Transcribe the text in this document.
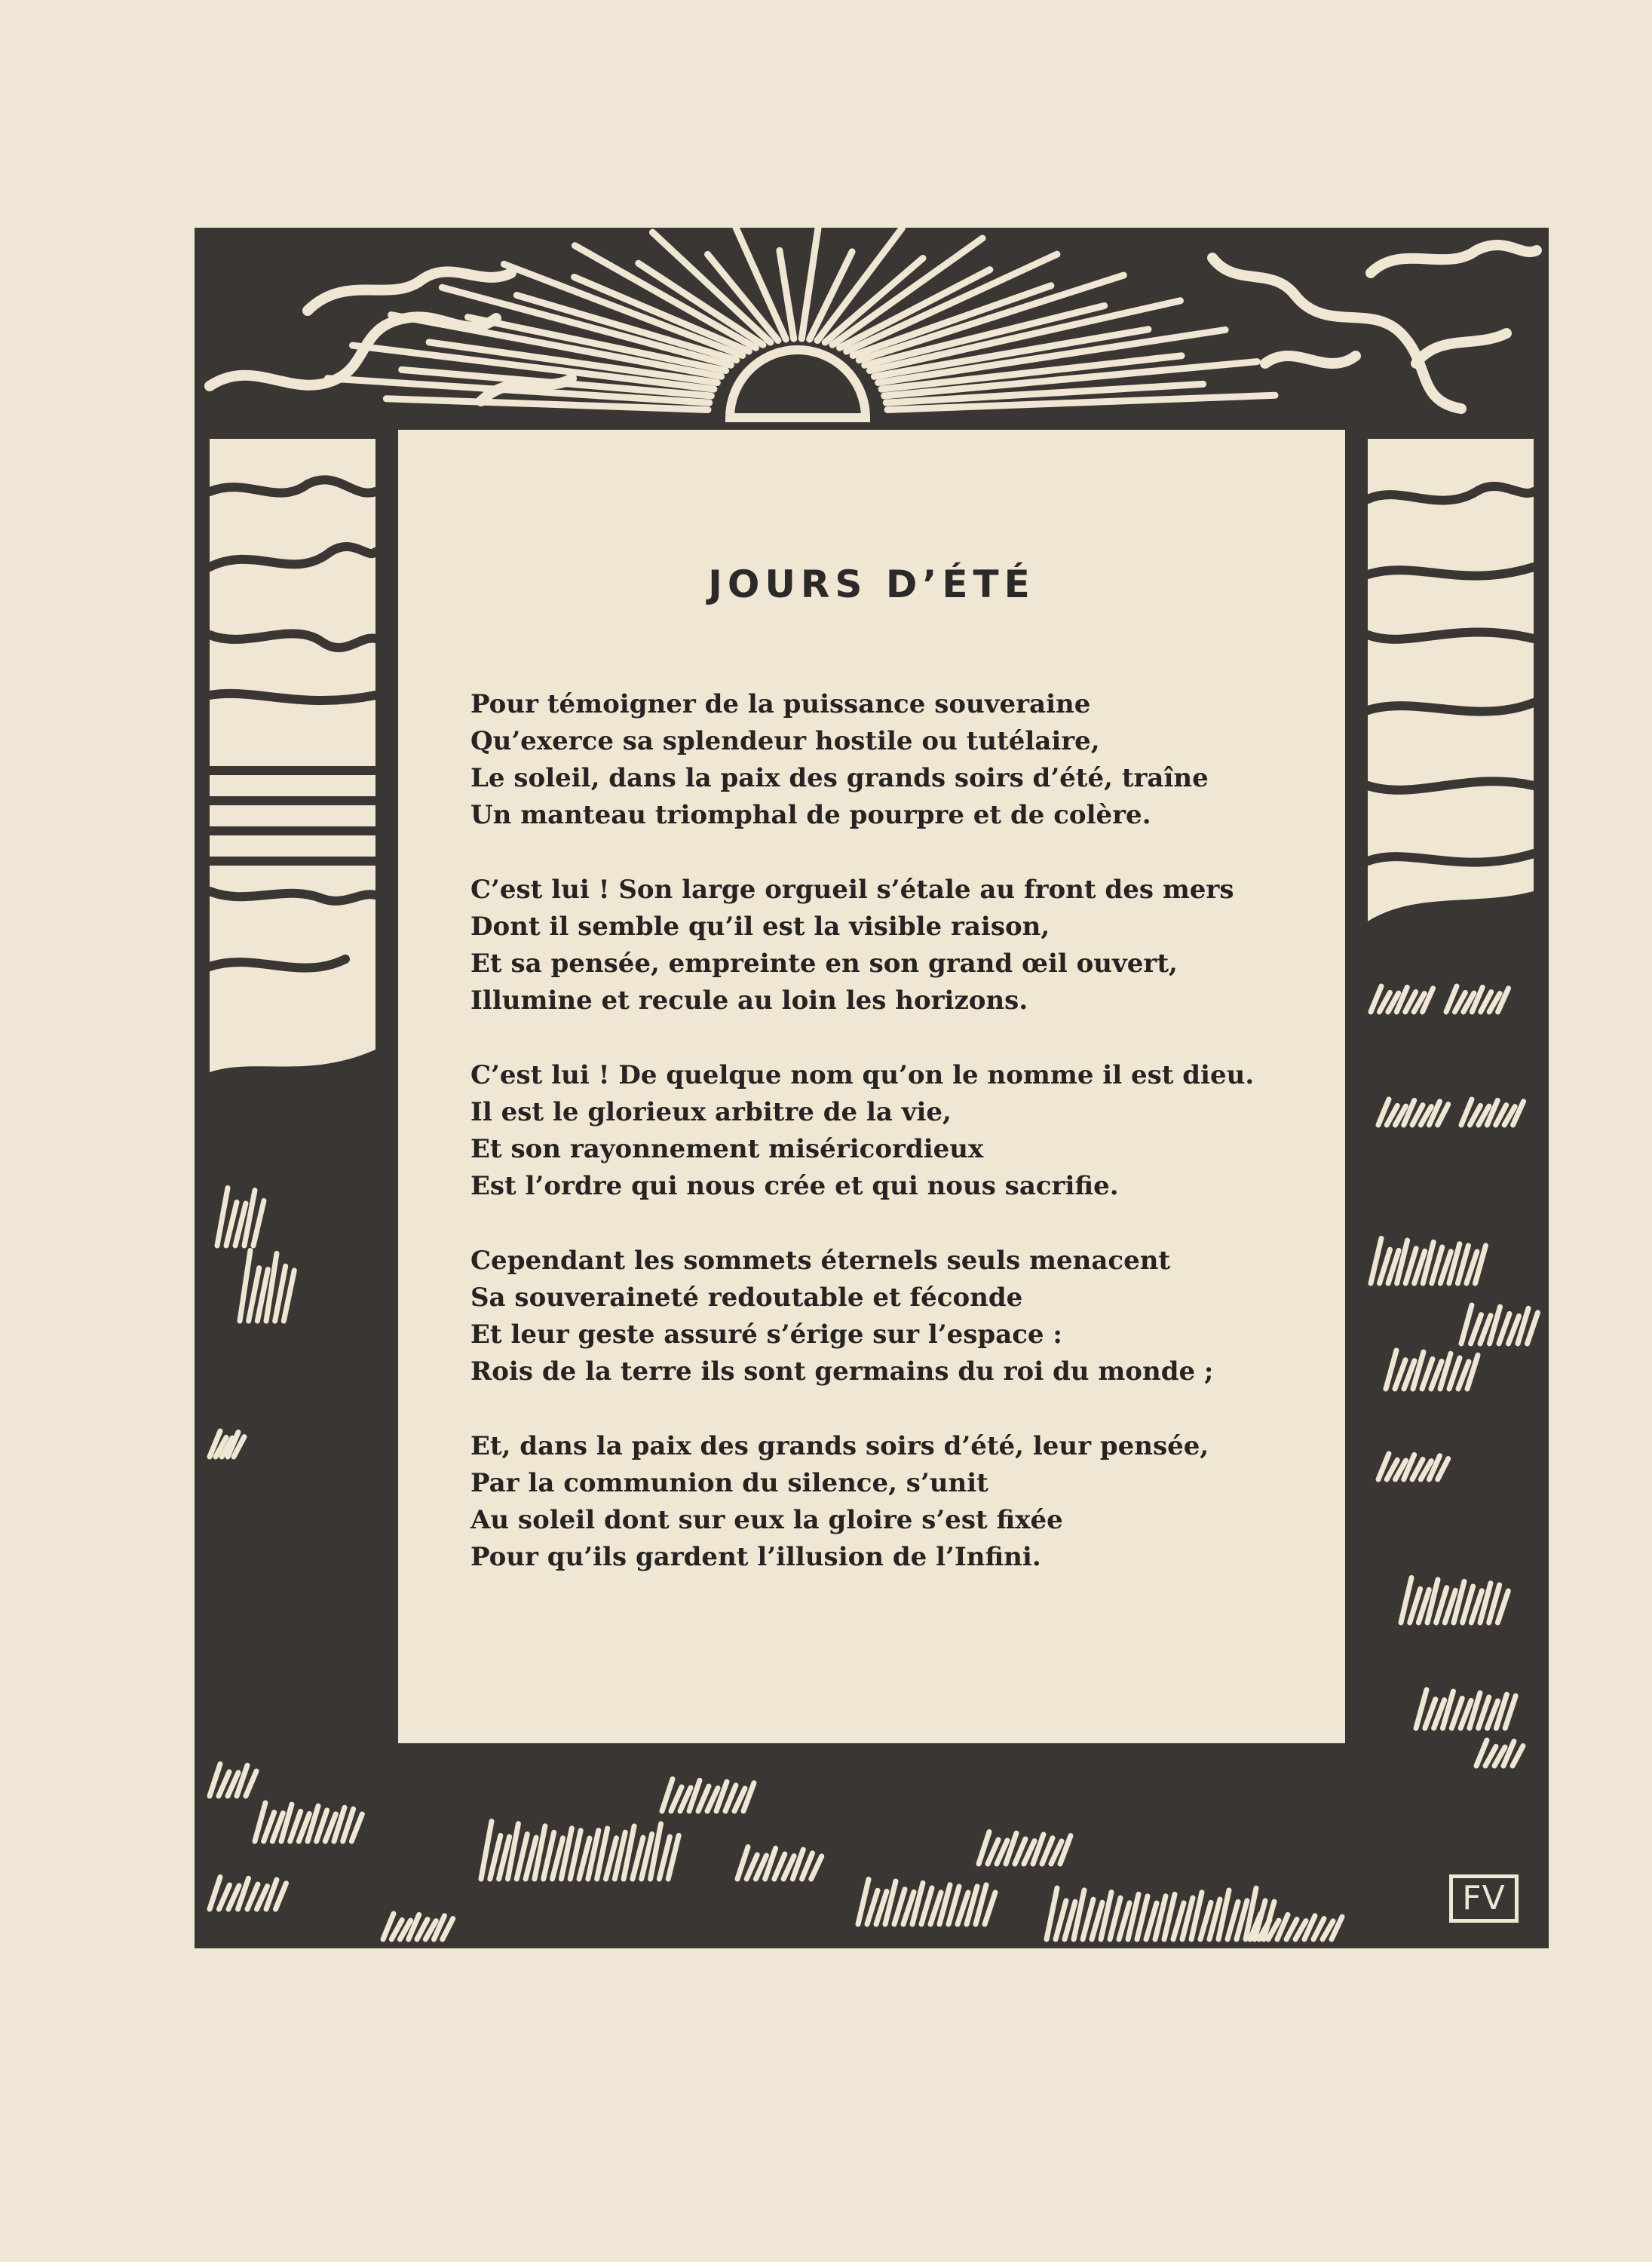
JOURS D’ÉTÉ

Pour témoigner de la puissance souveraine
Qu’exerce sa splendeur hostile ou tutélaire,
Le soleil, dans la paix des grands soirs d’été, traîne
Un manteau triomphal de pourpre et de colère.

C’est lui ! Son large orgueil s’étale au front des mers
Dont il semble qu’il est la visible raison,
Et sa pensée, empreinte en son grand œil ouvert,
Illumine et recule au loin les horizons.

C’est lui ! De quelque nom qu’on le nomme il est dieu.
Il est le glorieux arbitre de la vie,
Et son rayonnement miséricordieux
Est l’ordre qui nous crée et qui nous sacrifie.

Cependant les sommets éternels seuls menacent
Sa souveraineté redoutable et féconde
Et leur geste assuré s’érige sur l’espace :
Rois de la terre ils sont germains du roi du monde ;

Et, dans la paix des grands soirs d’été, leur pensée,
Par la communion du silence, s’unit
Au soleil dont sur eux la gloire s’est fixée
Pour qu’ils gardent l’illusion de l’Infini.

FV
